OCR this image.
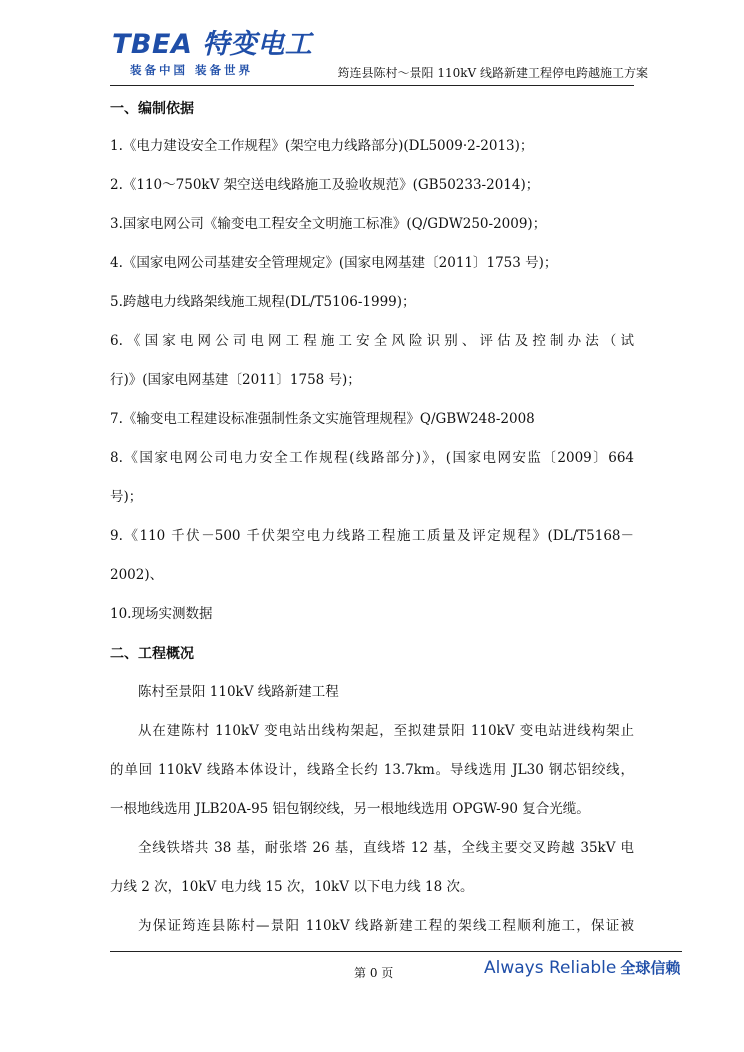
TBEA 特变电工
装备中国 装备世界	筠连县陈村～景阳 110kV 线路新建工程停电跨越施工方案
一、编制依据
1.《电力建设安全工作规程》(架空电力线路部分)(DL5009·2-2013)；
2.《110～750kV 架空送电线路施工及验收规范》(GB50233-2014)；
3.国家电网公司《输变电工程安全文明施工标准》(Q/GDW250-2009)；
4.《国家电网公司基建安全管理规定》(国家电网基建〔2011〕1753 号)；
5.跨越电力线路架线施工规程(DL/T5106-1999)；
6.《国家电网公司电网工程施工安全风险识别、评估及控制办法（试
行)》(国家电网基建〔2011〕1758 号)；
7.《输变电工程建设标准强制性条文实施管理规程》Q/GBW248-2008
8.《国家电网公司电力安全工作规程(线路部分)》，(国家电网安监〔2009〕664
号)；
9.《110 千伏－500 千伏架空电力线路工程施工质量及评定规程》(DL/T5168－
2002)、
10.现场实测数据
二、工程概况
陈村至景阳 110kV 线路新建工程
从在建陈村 110kV 变电站出线构架起，至拟建景阳 110kV 变电站进线构架止
的单回 110kV 线路本体设计，线路全长约 13.7km。导线选用 JL30 钢芯铝绞线，
一根地线选用 JLB20A-95 铝包钢绞线，另一根地线选用 OPGW-90 复合光缆。
全线铁塔共 38 基，耐张塔 26 基，直线塔 12 基，全线主要交叉跨越 35kV 电
力线 2 次，10kV 电力线 15 次，10kV 以下电力线 18 次。
为保证筠连县陈村—景阳 110kV 线路新建工程的架线工程顺利施工，保证被
第 0 页	Always Reliable 全球信赖
